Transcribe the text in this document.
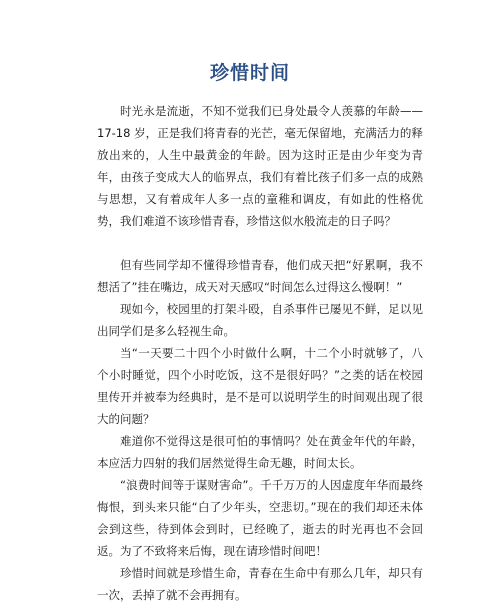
珍惜时间

时光永是流逝，不知不觉我们已身处最令人羡慕的年龄——17-18 岁，正是我们将青春的光芒，毫无保留地，充满活力的释放出来的，人生中最黄金的年龄。因为这时正是由少年变为青年，由孩子变成大人的临界点，我们有着比孩子们多一点的成熟与思想，又有着成年人多一点的童稚和调皮，有如此的性格优势，我们难道不该珍惜青春，珍惜这似水般流走的日子吗？

但有些同学却不懂得珍惜青春，他们成天把“好累啊，我不想活了”挂在嘴边，成天对天感叹“时间怎么过得这么慢啊！”

现如今，校园里的打架斗殴，自杀事件已屡见不鲜，足以见出同学们是多么轻视生命。

当“一天要二十四个小时做什么啊，十二个小时就够了，八个小时睡觉，四个小时吃饭，这不是很好吗？”之类的话在校园里传开并被奉为经典时，是不是可以说明学生的时间观出现了很大的问题？

难道你不觉得这是很可怕的事情吗？处在黄金年代的年龄，本应活力四射的我们居然觉得生命无趣，时间太长。

“浪费时间等于谋财害命”。千千万万的人因虚度年华而最终悔恨，到头来只能“白了少年头，空悲切。”现在的我们却还未体会到这些，待到体会到时，已经晚了，逝去的时光再也不会回返。为了不致将来后悔，现在请珍惜时间吧！

珍惜时间就是珍惜生命，青春在生命中有那么几年，却只有一次，丢掉了就不会再拥有。
